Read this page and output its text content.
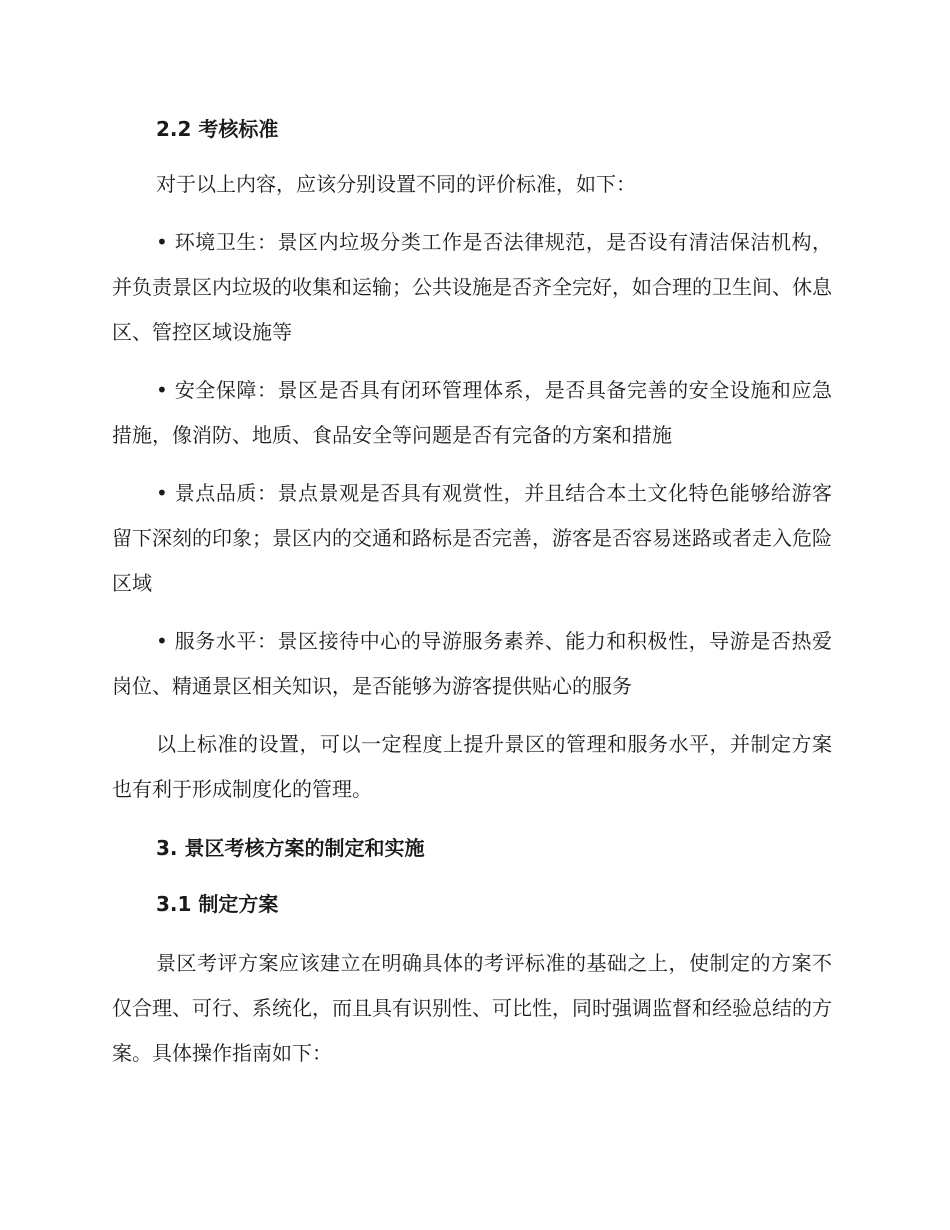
2.2 考核标准

对于以上内容，应该分别设置不同的评价标准，如下：

• 环境卫生：景区内垃圾分类工作是否法律规范，是否设有清洁保洁机构，并负责景区内垃圾的收集和运输；公共设施是否齐全完好，如合理的卫生间、休息区、管控区域设施等

• 安全保障：景区是否具有闭环管理体系，是否具备完善的安全设施和应急措施，像消防、地质、食品安全等问题是否有完备的方案和措施

• 景点品质：景点景观是否具有观赏性，并且结合本土文化特色能够给游客留下深刻的印象；景区内的交通和路标是否完善，游客是否容易迷路或者走入危险区域

• 服务水平：景区接待中心的导游服务素养、能力和积极性，导游是否热爱岗位、精通景区相关知识，是否能够为游客提供贴心的服务

以上标准的设置，可以一定程度上提升景区的管理和服务水平，并制定方案也有利于形成制度化的管理。

3. 景区考核方案的制定和实施
3.1 制定方案

景区考评方案应该建立在明确具体的考评标准的基础之上，使制定的方案不仅合理、可行、系统化，而且具有识别性、可比性，同时强调监督和经验总结的方案。具体操作指南如下：
